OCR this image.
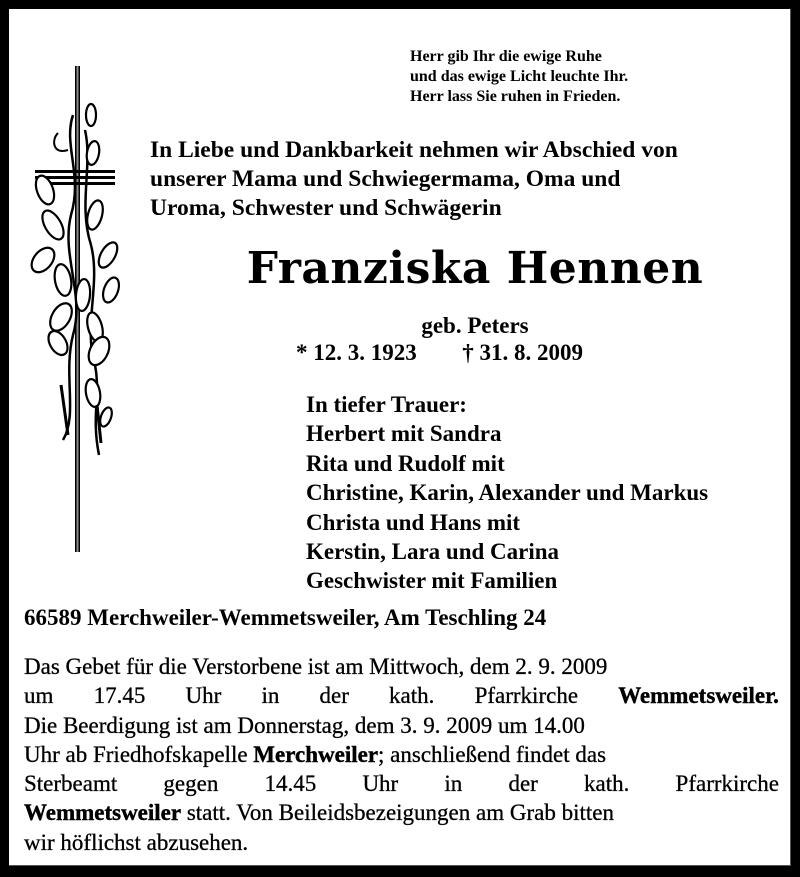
Herr gib Ihr die ewige Ruhe
und das ewige Licht leuchte Ihr.
Herr lass Sie ruhen in Frieden.
In Liebe und Dankbarkeit nehmen wir Abschied von
unserer Mama und Schwiegermama, Oma und
Uroma, Schwester und Schwägerin
Franziska Hennen
geb. Peters
* 12. 3. 1923 † 31. 8. 2009
In tiefer Trauer:
Herbert mit Sandra
Rita und Rudolf mit
Christine, Karin, Alexander und Markus
Christa und Hans mit
Kerstin, Lara und Carina
Geschwister mit Familien
66589 Merchweiler-Wemmetsweiler, Am Teschling 24
Das Gebet für die Verstorbene ist am Mittwoch, dem 2. 9. 2009
um 17.45 Uhr in der kath. Pfarrkirche Wemmetsweiler.
Die Beerdigung ist am Donnerstag, dem 3. 9. 2009 um 14.00
Uhr ab Friedhofskapelle Merchweiler; anschließend findet das
Sterbeamt gegen 14.45 Uhr in der kath. Pfarrkirche
Wemmetsweiler statt. Von Beileidsbezeigungen am Grab bitten
wir höflichst abzusehen.
